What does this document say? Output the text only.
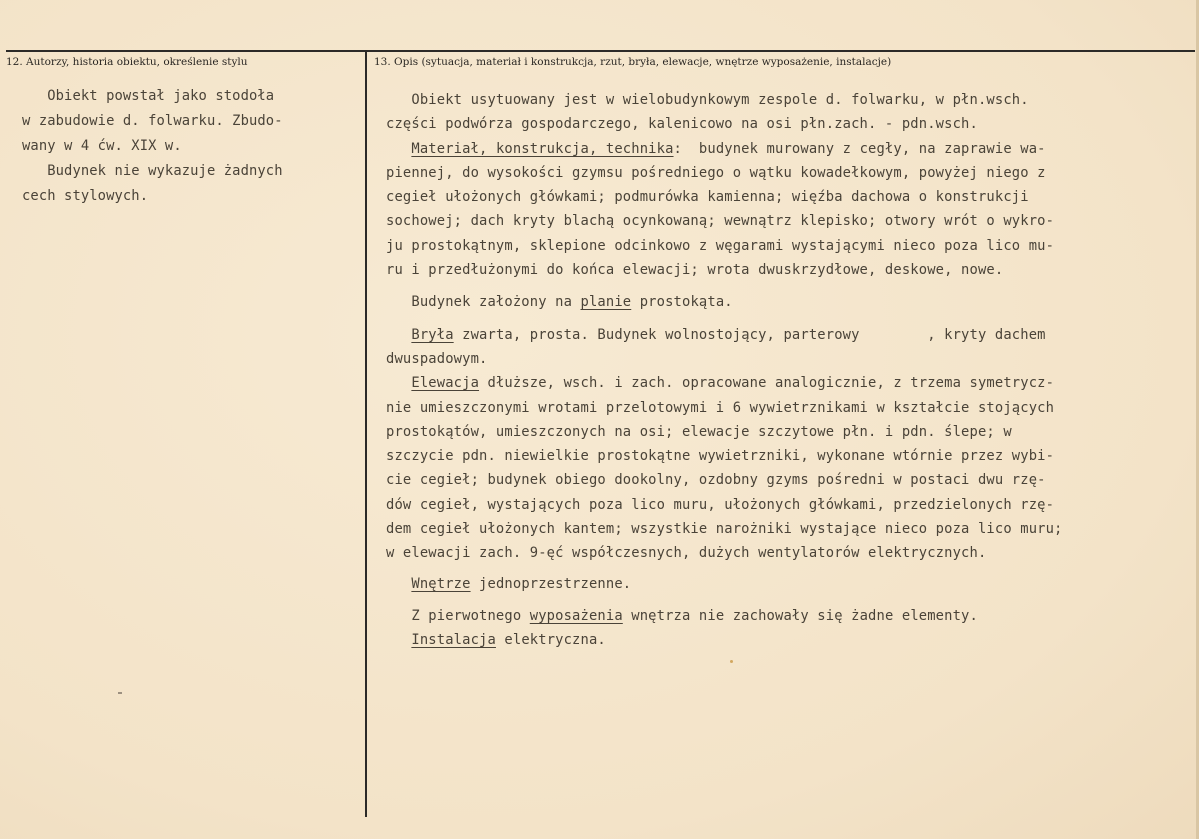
12. Autorzy, historia obiektu, określenie stylu	13. Opis (sytuacja, materiał i konstrukcja, rzut, bryła, elewacje, wnętrze wyposażenie, instalacje)
Obiekt powstał jako stodoła
w zabudowie d. folwarku. Zbudo-
wany w 4 ćw. XIX w.
Budynek nie wykazuje żadnych
cech stylowych.
Obiekt usytuowany jest w wielobudynkowym zespole d. folwarku, w płn.wsch.
części podwórza gospodarczego, kalenicowo na osi płn.zach. - pdn.wsch.
Materiał, konstrukcja, technika:  budynek murowany z cegły, na zaprawie wa-
piennej, do wysokości gzymsu pośredniego o wątku kowadełkowym, powyżej niego z
cegieł ułożonych główkami; podmurówka kamienna; więźba dachowa o konstrukcji
sochowej; dach kryty blachą ocynkowaną; wewnątrz klepisko; otwory wrót o wykro-
ju prostokątnym, sklepione odcinkowo z węgarami wystającymi nieco poza lico mu-
ru i przedłużonymi do końca elewacji; wrota dwuskrzydłowe, deskowe, nowe.
Budynek założony na planie prostokąta.
Bryła zwarta, prosta. Budynek wolnostojący, parterowy        , kryty dachem
dwuspadowym.
Elewacja dłuższe, wsch. i zach. opracowane analogicznie, z trzema symetrycz-
nie umieszczonymi wrotami przelotowymi i 6 wywietrznikami w kształcie stojących
prostokątów, umieszczonych na osi; elewacje szczytowe płn. i pdn. ślepe; w
szczycie pdn. niewielkie prostokątne wywietrzniki, wykonane wtórnie przez wybi-
cie cegieł; budynek obiego dookolny, ozdobny gzyms pośredni w postaci dwu rzę-
dów cegieł, wystających poza lico muru, ułożonych główkami, przedzielonych rzę-
dem cegieł ułożonych kantem; wszystkie narożniki wystające nieco poza lico muru;
w elewacji zach. 9-ęć współczesnych, dużych wentylatorów elektrycznych.
Wnętrze jednoprzestrzenne.
Z pierwotnego wyposażenia wnętrza nie zachowały się żadne elementy.
Instalacja elektryczna.
